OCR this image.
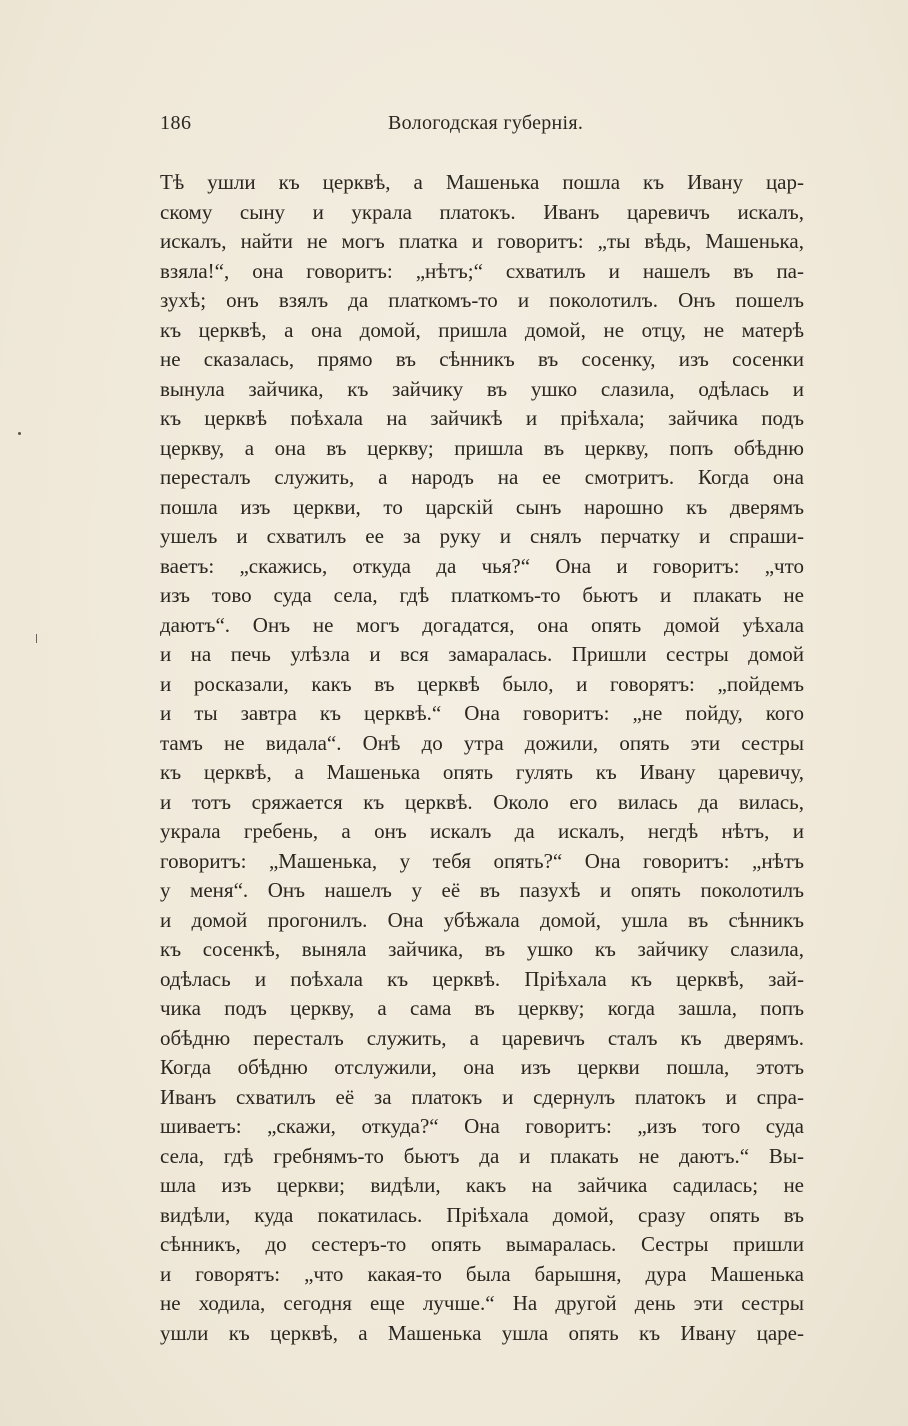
186	Вологодская губернія.
Тѣ ушли къ церквѣ, а Машенька пошла къ Ивану цар-
скому сыну и украла платокъ. Иванъ царевичъ искалъ,
искалъ, найти не могъ платка и говоритъ: „ты вѣдь, Машенька,
взяла!“, она говоритъ: „нѣтъ;“ схватилъ и нашелъ въ па-
зухѣ; онъ взялъ да платкомъ-то и поколотилъ. Онъ пошелъ
къ церквѣ, а она домой, пришла домой, не отцу, не матерѣ
не сказалась, прямо въ сѣнникъ въ сосенку, изъ сосенки
вынула зайчика, къ зайчику въ ушко слазила, одѣлась и
къ церквѣ поѣхала на зайчикѣ и пріѣхала; зайчика подъ
церкву, а она въ церкву; пришла въ церкву, попъ обѣдню
пересталъ служить, а народъ на ее смотритъ. Когда она
пошла изъ церкви, то царскій сынъ нарошно къ дверямъ
ушелъ и схватилъ ее за руку и снялъ перчатку и спраши-
ваетъ: „скажись, откуда да чья?“ Она и говоритъ: „что
изъ тово суда села, гдѣ платкомъ-то бьютъ и плакать не
даютъ“. Онъ не могъ догадатся, она опять домой уѣхала
и на печь улѣзла и вся замаралась. Пришли сестры домой
и росказали, какъ въ церквѣ было, и говорятъ: „пойдемъ
и ты завтра къ церквѣ.“ Она говоритъ: „не пойду, кого
тамъ не видала“. Онѣ до утра дожили, опять эти сестры
къ церквѣ, а Машенька опять гулять къ Ивану царевичу,
и тотъ сряжается къ церквѣ. Около его вилась да вилась,
украла гребень, а онъ искалъ да искалъ, негдѣ нѣтъ, и
говоритъ: „Машенька, у тебя опять?“ Она говоритъ: „нѣтъ
у меня“. Онъ нашелъ у её въ пазухѣ и опять поколотилъ
и домой прогонилъ. Она убѣжала домой, ушла въ сѣнникъ
къ сосенкѣ, выняла зайчика, въ ушко къ зайчику слазила,
одѣлась и поѣхала къ церквѣ. Пріѣхала къ церквѣ, зай-
чика подъ церкву, а сама въ церкву; когда зашла, попъ
обѣдню пересталъ служить, а царевичъ сталъ къ дверямъ.
Когда обѣдню отслужили, она изъ церкви пошла, этотъ
Иванъ схватилъ её за платокъ и сдернулъ платокъ и спра-
шиваетъ: „скажи, откуда?“ Она говоритъ: „изъ того суда
села, гдѣ гребнямъ-то бьютъ да и плакать не даютъ.“ Вы-
шла изъ церкви; видѣли, какъ на зайчика садилась; не
видѣли, куда покатилась. Пріѣхала домой, сразу опять въ
сѣнникъ, до сестеръ-то опять вымаралась. Сестры пришли
и говорятъ: „что какая-то была барышня, дура Машенька
не ходила, сегодня еще лучше.“ На другой день эти сестры
ушли къ церквѣ, а Машенька ушла опять къ Ивану царе-
